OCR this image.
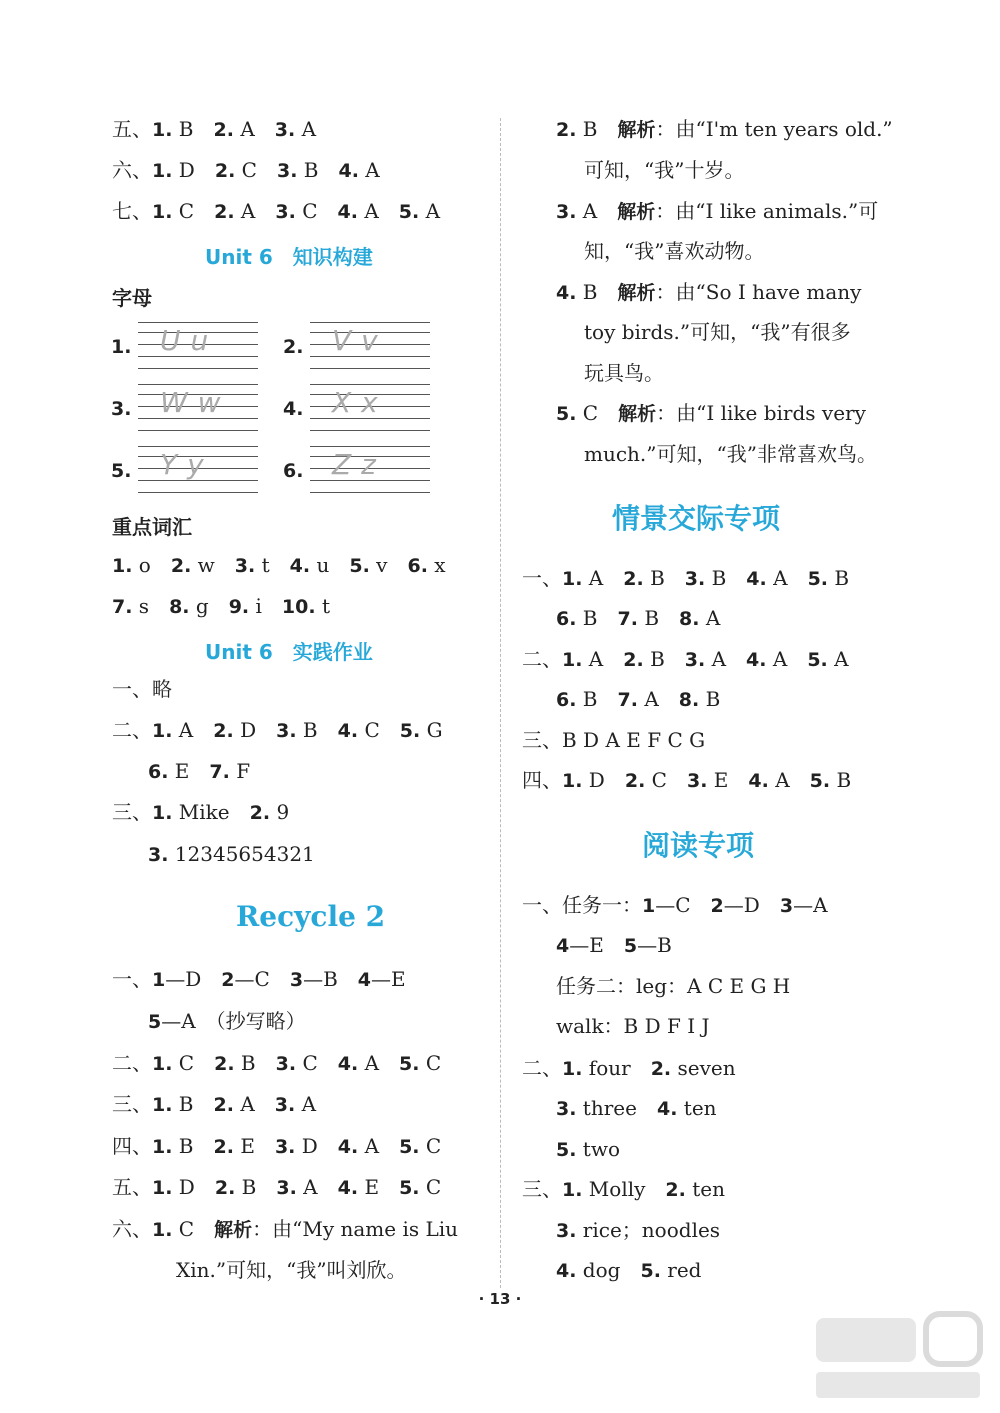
五、1. B　2. A　3. A
六、1. D　2. C　3. B　4. A
七、1. C　2. A　3. C　4. A　5. A
Unit 6　知识构建
字母
1. Uu	2. Vv
3. Ww	4. Xx
5. Yy	6. Zz
重点词汇
1. o　2. w　3. t　4. u　5. v　6. x
7. s　8. g　9. i　10. t
Unit 6　实践作业
一、略
二、1. A　2. D　3. B　4. C　5. G
6. E　7. F
三、1. Mike　2. 9
3. 12345654321
Recycle 2
一、1—D　2—C　3—B　4—E
5—A　（抄写略）
二、1. C　2. B　3. C　4. A　5. C
三、1. B　2. A　3. A
四、1. B　2. E　3. D　4. A　5. C
五、1. D　2. B　3. A　4. E　5. C
六、1. C　解析：由“My name is Liu
Xin.”可知，“我”叫刘欣。
2. B　解析：由“I'm ten years old.”
可知，“我”十岁。
3. A　解析：由“I like animals.”可
知，“我”喜欢动物。
4. B　解析：由“So I have many
toy birds.”可知，“我”有很多
玩具鸟。
5. C　解析：由“I like birds very
much.”可知，“我”非常喜欢鸟。
情景交际专项
一、1. A　2. B　3. B　4. A　5. B
6. B　7. B　8. A
二、1. A　2. B　3. A　4. A　5. A
6. B　7. A　8. B
三、B D A E F C G
四、1. D　2. C　3. E　4. A　5. B
阅读专项
一、任务一：1—C　2—D　3—A
4—E　5—B
任务二：leg：A C E G H
walk：B D F I J
二、1. four　2. seven
3. three　4. ten
5. two
三、1. Molly　2. ten
3. rice；noodles
4. dog　5. red
· 13 ·
